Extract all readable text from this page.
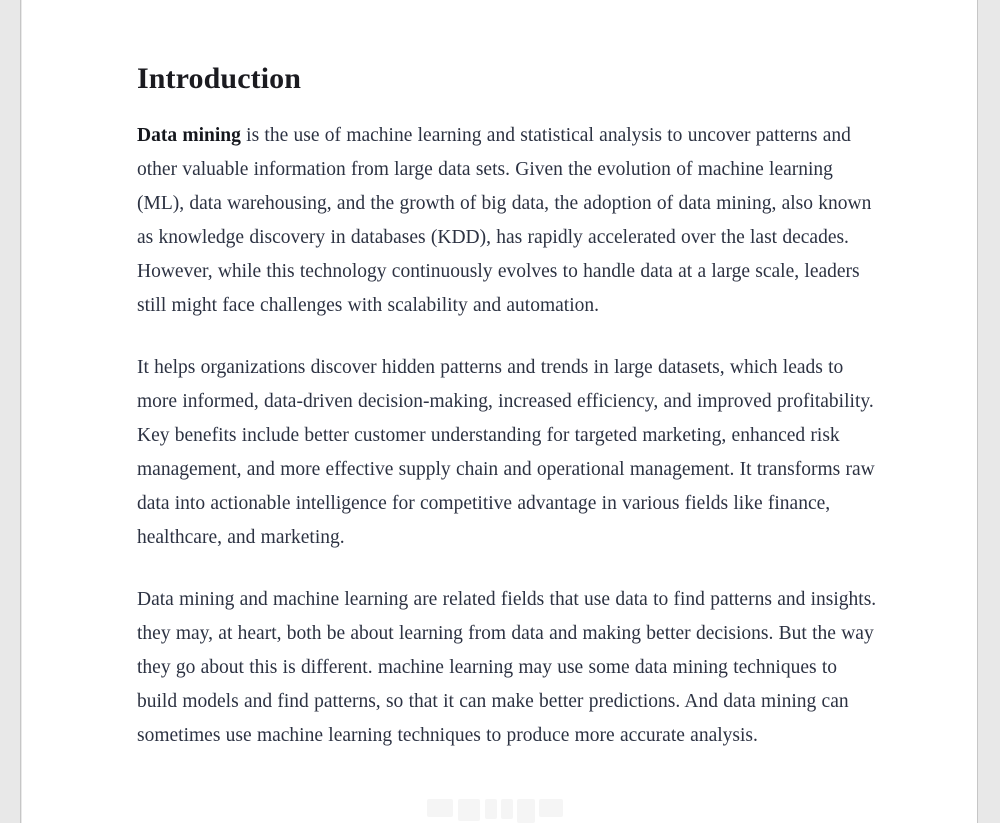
Introduction

Data mining is the use of machine learning and statistical analysis to uncover patterns and other valuable information from large data sets. Given the evolution of machine learning (ML), data warehousing, and the growth of big data, the adoption of data mining, also known as knowledge discovery in databases (KDD), has rapidly accelerated over the last decades. However, while this technology continuously evolves to handle data at a large scale, leaders still might face challenges with scalability and automation.

It helps organizations discover hidden patterns and trends in large datasets, which leads to more informed, data-driven decision-making, increased efficiency, and improved profitability. Key benefits include better customer understanding for targeted marketing, enhanced risk management, and more effective supply chain and operational management. It transforms raw data into actionable intelligence for competitive advantage in various fields like finance, healthcare, and marketing.

Data mining and machine learning are related fields that use data to find patterns and insights. they may, at heart, both be about learning from data and making better decisions. But the way they go about this is different. machine learning may use some data mining techniques to build models and find patterns, so that it can make better predictions. And data mining can sometimes use machine learning techniques to produce more accurate analysis.
